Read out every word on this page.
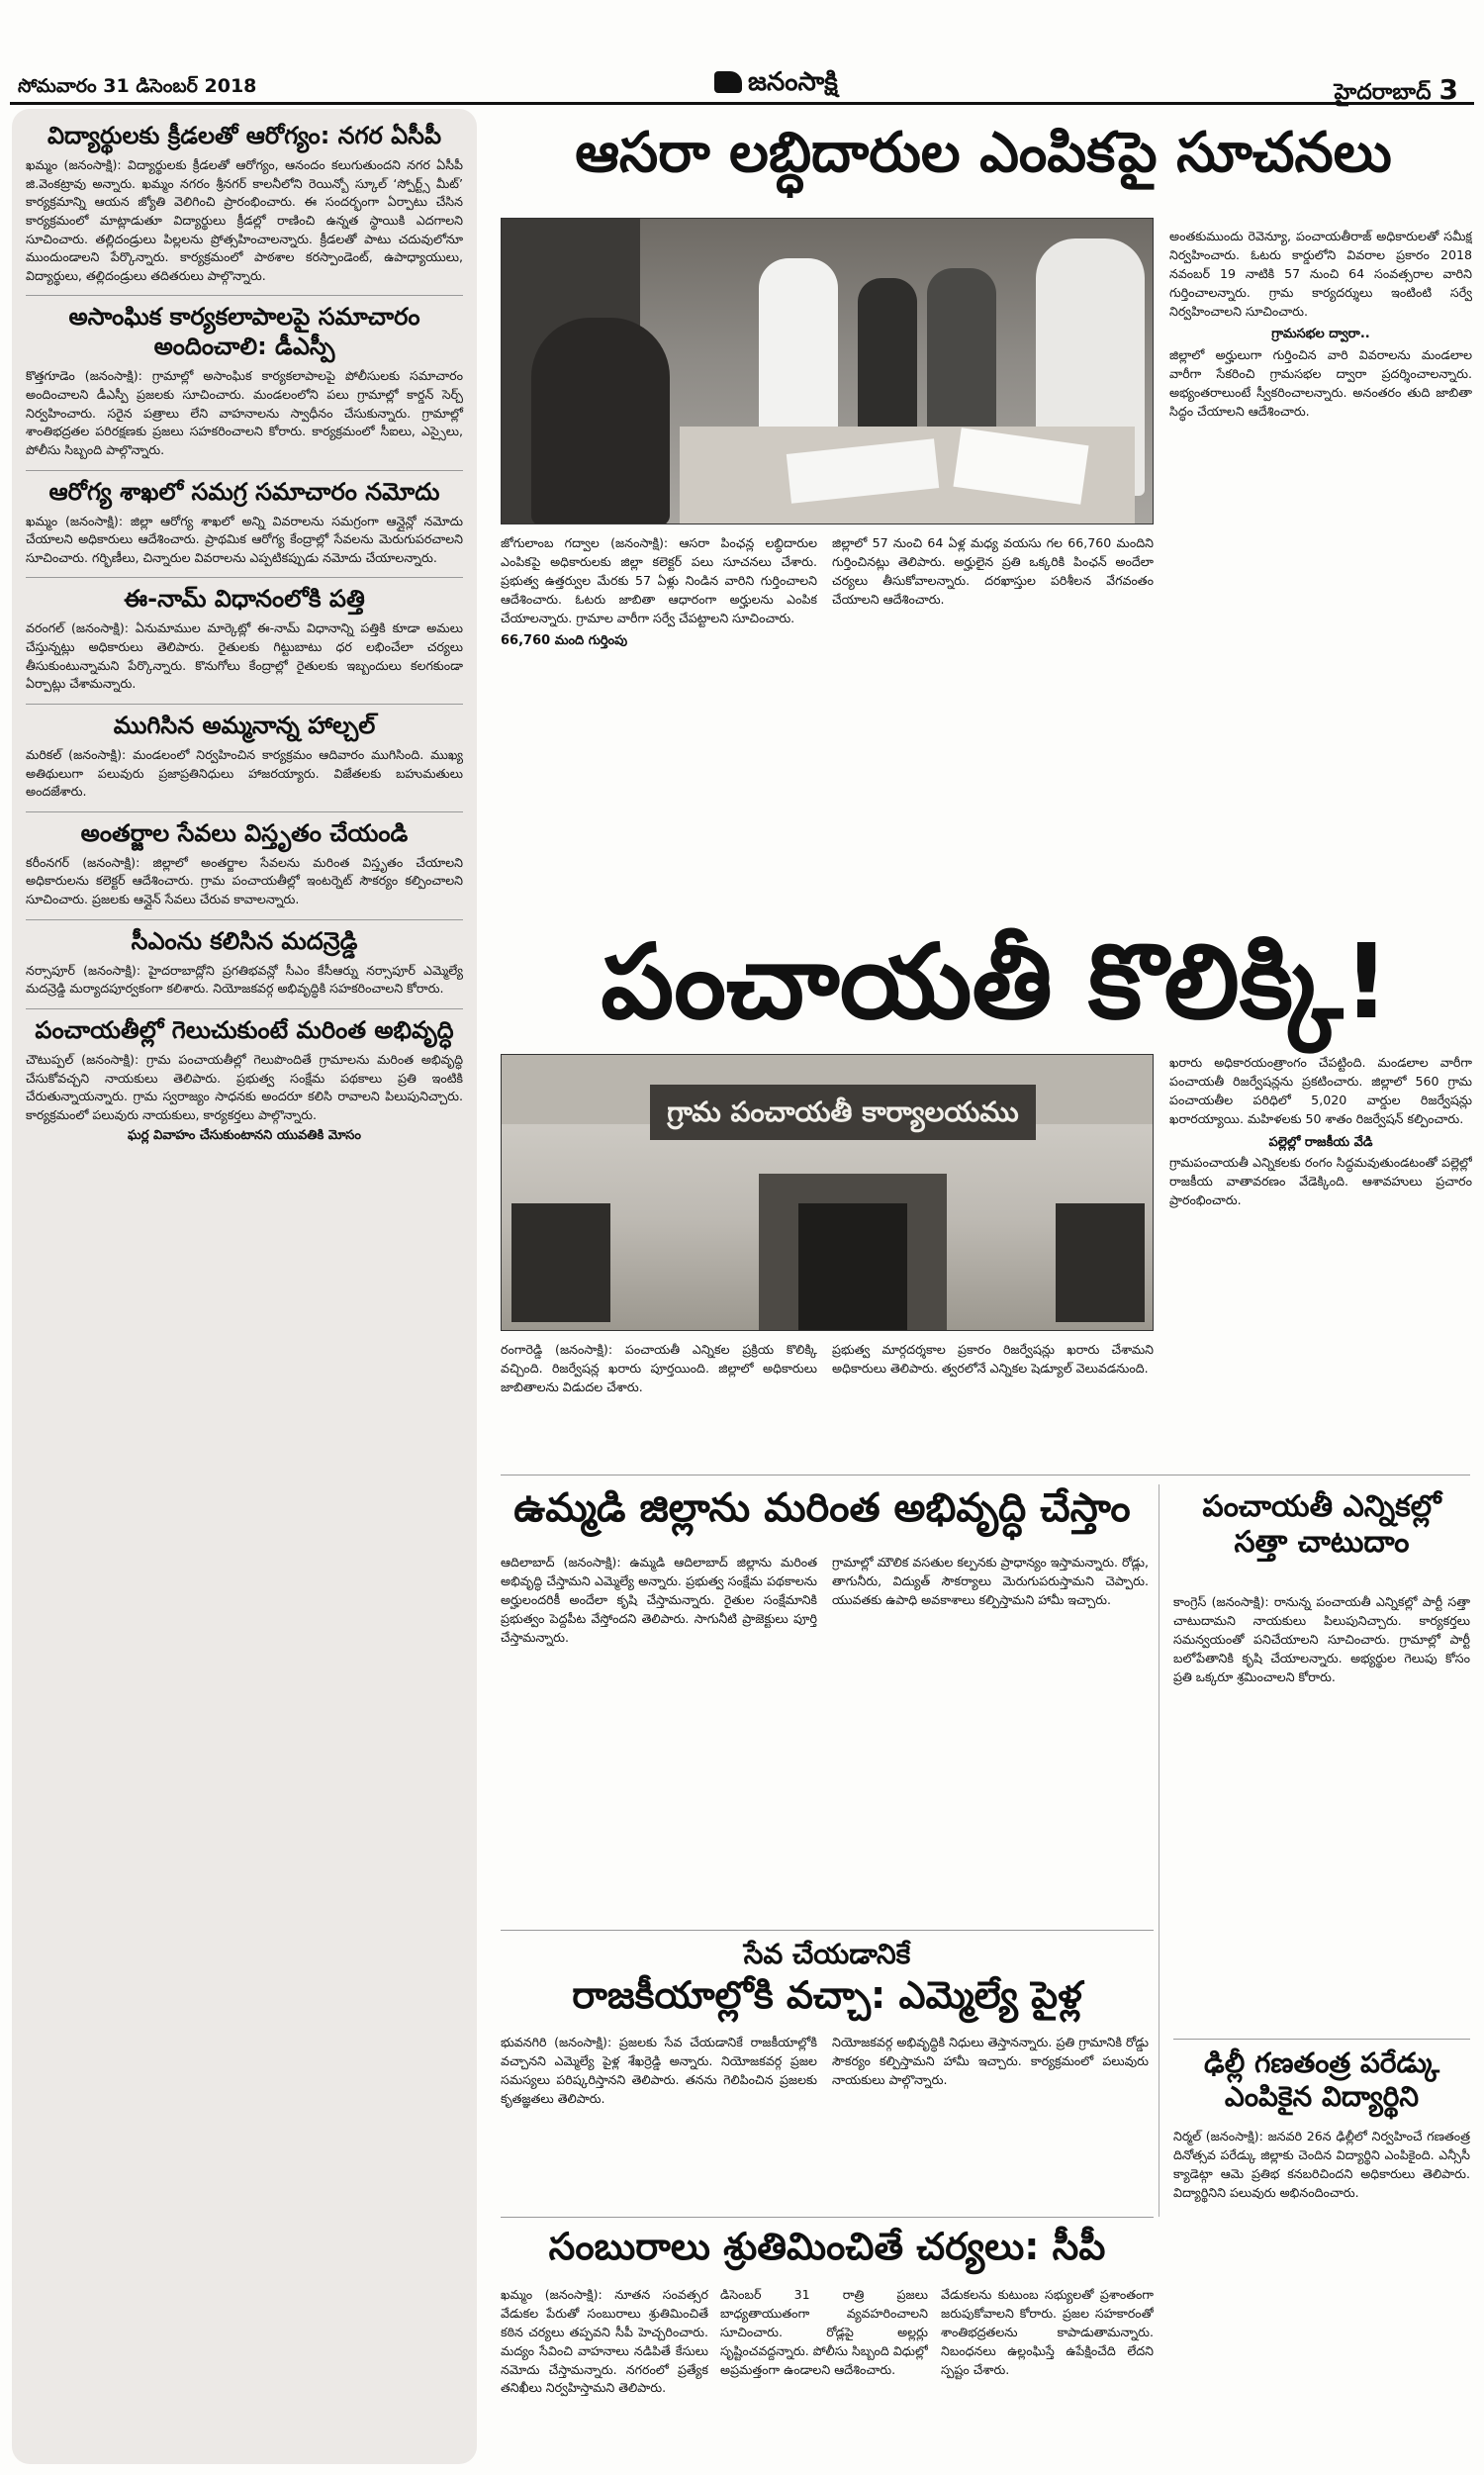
సోమవారం 31 డిసెంబర్ 2018	జనంసాక్షి	హైదరాబాద్ 3
విద్యార్థులకు క్రీడలతో ఆరోగ్యం: నగర ఏసీపీ

ఖమ్మం (జనంసాక్షి): విద్యార్థులకు క్రీడలతో ఆరోగ్యం, ఆనందం కలుగుతుందని నగర ఏసీపీ జి.వెంకట్రావు అన్నారు. ఖమ్మం నగరం శ్రీనగర్ కాలనీలోని రెయిన్బో స్కూల్ ‘స్పోర్ట్స్ మీట్’ కార్యక్రమాన్ని ఆయన జ్యోతి వెలిగించి ప్రారంభించారు. ఈ సందర్భంగా ఏర్పాటు చేసిన కార్యక్రమంలో మాట్లాడుతూ విద్యార్థులు క్రీడల్లో రాణించి ఉన్నత స్థాయికి ఎదగాలని సూచించారు. తల్లిదండ్రులు పిల్లలను ప్రోత్సహించాలన్నారు. క్రీడలతో పాటు చదువులోనూ ముందుండాలని పేర్కొన్నారు. కార్యక్రమంలో పాఠశాల కరస్పాండెంట్, ఉపాధ్యాయులు, విద్యార్థులు, తల్లిదండ్రులు తదితరులు పాల్గొన్నారు.

అసాంఘిక కార్యకలాపాలపై సమాచారం అందించాలి: డీఎస్పీ

కొత్తగూడెం (జనంసాక్షి): గ్రామాల్లో అసాంఘిక కార్యకలాపాలపై పోలీసులకు సమాచారం అందించాలని డీఎస్పీ ప్రజలకు సూచించారు. మండలంలోని పలు గ్రామాల్లో కార్డన్ సెర్చ్ నిర్వహించారు. సరైన పత్రాలు లేని వాహనాలను స్వాధీనం చేసుకున్నారు. గ్రామాల్లో శాంతిభద్రతల పరిరక్షణకు ప్రజలు సహకరించాలని కోరారు. కార్యక్రమంలో సీఐలు, ఎస్సైలు, పోలీసు సిబ్బంది పాల్గొన్నారు.

ఆరోగ్య శాఖలో సమగ్ర సమాచారం నమోదు

ఖమ్మం (జనంసాక్షి): జిల్లా ఆరోగ్య శాఖలో అన్ని వివరాలను సమగ్రంగా ఆన్లైన్లో నమోదు చేయాలని అధికారులు ఆదేశించారు. ప్రాథమిక ఆరోగ్య కేంద్రాల్లో సేవలను మెరుగుపరచాలని సూచించారు. గర్భిణీలు, చిన్నారుల వివరాలను ఎప్పటికప్పుడు నమోదు చేయాలన్నారు.

ఈ-నామ్ విధానంలోకి పత్తి

వరంగల్ (జనంసాక్షి): ఏనుమాముల మార్కెట్లో ఈ-నామ్ విధానాన్ని పత్తికి కూడా అమలు చేస్తున్నట్లు అధికారులు తెలిపారు. రైతులకు గిట్టుబాటు ధర లభించేలా చర్యలు తీసుకుంటున్నామని పేర్కొన్నారు. కొనుగోలు కేంద్రాల్లో రైతులకు ఇబ్బందులు కలగకుండా ఏర్పాట్లు చేశామన్నారు.

ముగిసిన అమ్మనాన్న హాల్చల్

మరికల్ (జనంసాక్షి): మండలంలో నిర్వహించిన కార్యక్రమం ఆదివారం ముగిసింది. ముఖ్య అతిథులుగా పలువురు ప్రజాప్రతినిధులు హాజరయ్యారు. విజేతలకు బహుమతులు అందజేశారు.

అంతర్జాల సేవలు విస్తృతం చేయండి

కరీంనగర్ (జనంసాక్షి): జిల్లాలో అంతర్జాల సేవలను మరింత విస్తృతం చేయాలని అధికారులను కలెక్టర్ ఆదేశించారు. గ్రామ పంచాయతీల్లో ఇంటర్నెట్ సౌకర్యం కల్పించాలని సూచించారు. ప్రజలకు ఆన్లైన్ సేవలు చేరువ కావాలన్నారు.

సీఎంను కలిసిన మదన్రెడ్డి

నర్సాపూర్ (జనంసాక్షి): హైదరాబాద్లోని ప్రగతిభవన్లో సీఎం కేసీఆర్ను నర్సాపూర్ ఎమ్మెల్యే మదన్రెడ్డి మర్యాదపూర్వకంగా కలిశారు. నియోజకవర్గ అభివృద్ధికి సహకరించాలని కోరారు.

పంచాయతీల్లో గెలుచుకుంటే మరింత అభివృద్ధి

చౌటుప్పల్ (జనంసాక్షి): గ్రామ పంచాయతీల్లో గెలుపొందితే గ్రామాలను మరింత అభివృద్ధి చేసుకోవచ్చని నాయకులు తెలిపారు. ప్రభుత్వ సంక్షేమ పథకాలు ప్రతి ఇంటికి చేరుతున్నాయన్నారు. గ్రామ స్వరాజ్యం సాధనకు అందరూ కలిసి రావాలని పిలుపునిచ్చారు. కార్యక్రమంలో పలువురు నాయకులు, కార్యకర్తలు పాల్గొన్నారు.

ఘర్ల వివాహం చేసుకుంటానని యువతికి మోసం
ఆసరా లబ్ధిదారుల ఎంపికపై సూచనలు

అంతకుముందు రెవెన్యూ, పంచాయతీరాజ్ అధికారులతో సమీక్ష నిర్వహించారు. ఓటరు కార్డులోని వివరాల ప్రకారం 2018 నవంబర్ 19 నాటికి 57 నుంచి 64 సంవత్సరాల వారిని గుర్తించాలన్నారు. గ్రామ కార్యదర్శులు ఇంటింటి సర్వే నిర్వహించాలని సూచించారు.

గ్రామసభల ద్వారా..

జిల్లాలో అర్హులుగా గుర్తించిన వారి వివరాలను మండలాల వారీగా సేకరించి గ్రామసభల ద్వారా ప్రదర్శించాలన్నారు. అభ్యంతరాలుంటే స్వీకరించాలన్నారు. అనంతరం తుది జాబితా సిద్ధం చేయాలని ఆదేశించారు.

జోగులాంబ గద్వాల (జనంసాక్షి): ఆసరా పింఛన్ల లబ్ధిదారుల ఎంపికపై అధికారులకు జిల్లా కలెక్టర్ పలు సూచనలు చేశారు. ప్రభుత్వ ఉత్తర్వుల మేరకు 57 ఏళ్లు నిండిన వారిని గుర్తించాలని ఆదేశించారు. ఓటరు జాబితా ఆధారంగా అర్హులను ఎంపిక చేయాలన్నారు. గ్రామాల వారీగా సర్వే చేపట్టాలని సూచించారు.

66,760 మంది గుర్తింపు

జిల్లాలో 57 నుంచి 64 ఏళ్ల మధ్య వయసు గల 66,760 మందిని గుర్తించినట్లు తెలిపారు. అర్హులైన ప్రతి ఒక్కరికి పింఛన్ అందేలా చర్యలు తీసుకోవాలన్నారు. దరఖాస్తుల పరిశీలన వేగవంతం చేయాలని ఆదేశించారు.

పంచాయతీ కొలిక్కి!
గ్రామ పంచాయతీ కార్యాలయము

ఖరారు అధికారయంత్రాంగం చేపట్టింది. మండలాల వారీగా పంచాయతీ రిజర్వేషన్లను ప్రకటించారు. జిల్లాలో 560 గ్రామ పంచాయతీల పరిధిలో 5,020 వార్డుల రిజర్వేషన్లు ఖరారయ్యాయి. మహిళలకు 50 శాతం రిజర్వేషన్ కల్పించారు.

పల్లెల్లో రాజకీయ వేడి

గ్రామపంచాయతీ ఎన్నికలకు రంగం సిద్ధమవుతుండటంతో పల్లెల్లో రాజకీయ వాతావరణం వేడెక్కింది. ఆశావహులు ప్రచారం ప్రారంభించారు.

రంగారెడ్డి (జనంసాక్షి): పంచాయతీ ఎన్నికల ప్రక్రియ కొలిక్కి వచ్చింది. రిజర్వేషన్ల ఖరారు పూర్తయింది. జిల్లాలో అధికారులు జాబితాలను విడుదల చేశారు.

ప్రభుత్వ మార్గదర్శకాల ప్రకారం రిజర్వేషన్లు ఖరారు చేశామని అధికారులు తెలిపారు. త్వరలోనే ఎన్నికల షెడ్యూల్ వెలువడనుంది.

ఉమ్మడి జిల్లాను మరింత అభివృద్ధి చేస్తాం

ఆదిలాబాద్ (జనంసాక్షి): ఉమ్మడి ఆదిలాబాద్ జిల్లాను మరింత అభివృద్ధి చేస్తామని ఎమ్మెల్యే అన్నారు. ప్రభుత్వ సంక్షేమ పథకాలను అర్హులందరికీ అందేలా కృషి చేస్తామన్నారు. రైతుల సంక్షేమానికి ప్రభుత్వం పెద్దపీట వేస్తోందని తెలిపారు. సాగునీటి ప్రాజెక్టులు పూర్తి చేస్తామన్నారు.

గ్రామాల్లో మౌలిక వసతుల కల్పనకు ప్రాధాన్యం ఇస్తామన్నారు. రోడ్లు, తాగునీరు, విద్యుత్ సౌకర్యాలు మెరుగుపరుస్తామని చెప్పారు. యువతకు ఉపాధి అవకాశాలు కల్పిస్తామని హామీ ఇచ్చారు.

పంచాయతీ ఎన్నికల్లో సత్తా చాటుదాం

కాంగ్రెస్ (జనంసాక్షి): రానున్న పంచాయతీ ఎన్నికల్లో పార్టీ సత్తా చాటుదామని నాయకులు పిలుపునిచ్చారు. కార్యకర్తలు సమన్వయంతో పనిచేయాలని సూచించారు. గ్రామాల్లో పార్టీ బలోపేతానికి కృషి చేయాలన్నారు. అభ్యర్థుల గెలుపు కోసం ప్రతి ఒక్కరూ శ్రమించాలని కోరారు.

సేవ చేయడానికే
రాజకీయాల్లోకి వచ్చా: ఎమ్మెల్యే పైళ్ల

భువనగిరి (జనంసాక్షి): ప్రజలకు సేవ చేయడానికే రాజకీయాల్లోకి వచ్చానని ఎమ్మెల్యే పైళ్ల శేఖర్రెడ్డి అన్నారు. నియోజకవర్గ ప్రజల సమస్యలు పరిష్కరిస్తానని తెలిపారు. తనను గెలిపించిన ప్రజలకు కృతజ్ఞతలు తెలిపారు.

నియోజకవర్గ అభివృద్ధికి నిధులు తెస్తానన్నారు. ప్రతి గ్రామానికి రోడ్డు సౌకర్యం కల్పిస్తామని హామీ ఇచ్చారు. కార్యక్రమంలో పలువురు నాయకులు పాల్గొన్నారు.

ఢిల్లీ గణతంత్ర పరేడ్కు ఎంపికైన విద్యార్థిని

నిర్మల్ (జనంసాక్షి): జనవరి 26న ఢిల్లీలో నిర్వహించే గణతంత్ర దినోత్సవ పరేడ్కు జిల్లాకు చెందిన విద్యార్థిని ఎంపికైంది. ఎన్సీసీ క్యాడెట్గా ఆమె ప్రతిభ కనబరిచిందని అధికారులు తెలిపారు. విద్యార్థినిని పలువురు అభినందించారు.

సంబురాలు శ్రుతిమించితే చర్యలు: సీపీ

ఖమ్మం (జనంసాక్షి): నూతన సంవత్సర వేడుకల పేరుతో సంబురాలు శ్రుతిమించితే కఠిన చర్యలు తప్పవని సీపీ హెచ్చరించారు. మద్యం సేవించి వాహనాలు నడిపితే కేసులు నమోదు చేస్తామన్నారు. నగరంలో ప్రత్యేక తనిఖీలు నిర్వహిస్తామని తెలిపారు.

డిసెంబర్ 31 రాత్రి ప్రజలు బాధ్యతాయుతంగా వ్యవహరించాలని సూచించారు. రోడ్లపై అల్లర్లు సృష్టించవద్దన్నారు. పోలీసు సిబ్బంది విధుల్లో అప్రమత్తంగా ఉండాలని ఆదేశించారు.

వేడుకలను కుటుంబ సభ్యులతో ప్రశాంతంగా జరుపుకోవాలని కోరారు. ప్రజల సహకారంతో శాంతిభద్రతలను కాపాడుతామన్నారు. నిబంధనలు ఉల్లంఘిస్తే ఉపేక్షించేది లేదని స్పష్టం చేశారు.
